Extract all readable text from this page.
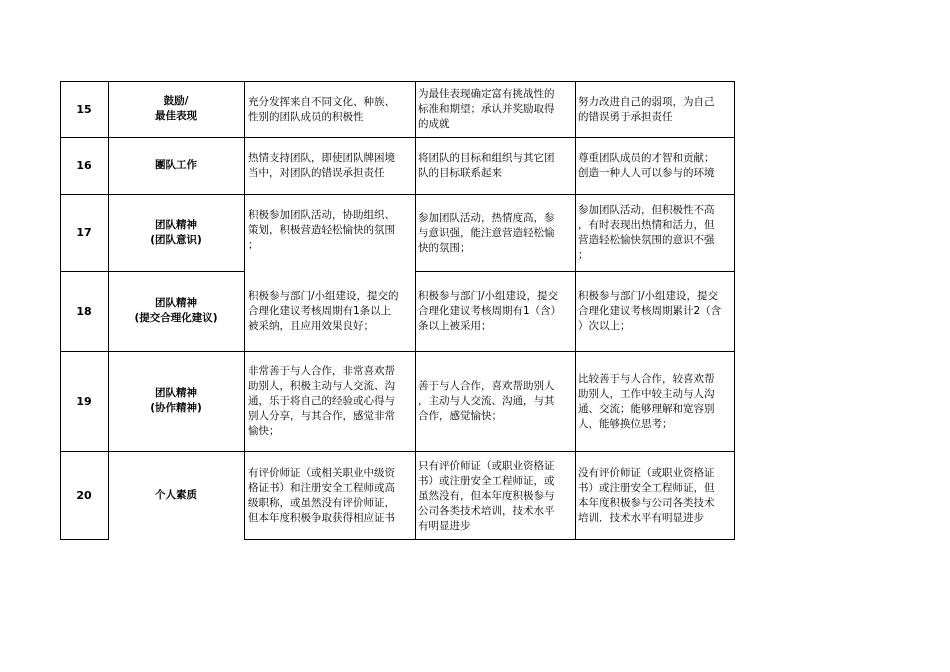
15
鼓励/
最佳表现
充分发挥来自不同文化、种族、
性别的团队成员的积极性
为最佳表现确定富有挑战性的
标准和期望；承认并奖励取得
的成就
努力改进自己的弱项，为自己
的错误勇于承担责任
16	團队工作
热情支持团队，即使团队牌困境
当中，对团队的错误承担责任
将团队的目标和组织与其它团
队的目标联系起来
尊重团队成员的才智和贡献；
创造一种人人可以参与的环境
17
团队精神
(团队意识)
积极参加团队活动，协助组织、
策划，积极营造轻松愉快的氛围
；
参加团队活动，热情度高，参
与意识强，能注意营造轻松愉
快的氛围；
参加团队活动，但积极性不高
，有时表现出热情和活力，但
营造轻松愉快氛围的意识不强
；
18
团队精神
(提交合理化建议)
积极参与部门/小组建设，提交的
合理化建议考核周期有1条以上
被采纳，且应用效果良好；
积极参与部门/小组建设，提交
合理化建议考核周期有1（含）
条以上被采用；
积极参与部门/小组建设，提交
合理化建议考核周期累计2（含
）次以上；
19
团队精神
(协作精神)
非常善于与人合作，非常喜欢帮
助别人，积极主动与人交流、沟
通，乐于将自己的经验或心得与
别人分享，与其合作，感觉非常
愉快；
善于与人合作，喜欢帮助别人
，主动与人交流、沟通，与其
合作，感觉愉快；
比较善于与人合作，较喜欢帮
助别人，工作中较主动与人沟
通、交流；能够理解和宽容别
人，能够换位思考；
20	个人素质
有评价师证（或相关职业中级资
格证书）和注册安全工程师或高
级职称，或虽然没有评价师证，
但本年度积极争取获得相应证书
只有评价师证（或职业资格证
书）或注册安全工程师证，或
虽然没有，但本年度积极参与
公司各类技术培训，技术水平
有明显进步
没有评价师证（或职业资格证
书）或注册安全工程师证，但
本年度积极参与公司各类技术
培训．技术水平有明显进步
